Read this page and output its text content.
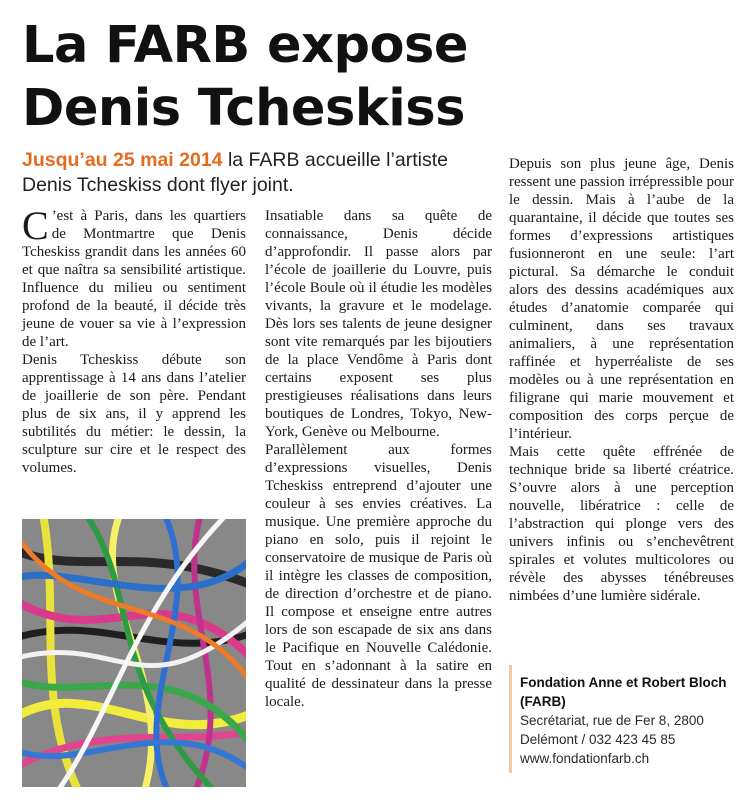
La FARB expose
Denis Tcheskiss

Jusqu’au 25 mai 2014 la FARB accueille l’artiste Denis Tcheskiss dont flyer joint.

C ’est à Paris, dans les quartiers de Montmartre que Denis Tcheskiss grandit dans les années 60 et que naîtra sa sensibilité artistique. Influence du milieu ou sentiment profond de la beauté, il décide très jeune de vouer sa vie à l’expression de l’art.

Denis Tcheskiss débute son apprentissage à 14 ans dans l’atelier de joaillerie de son père. Pendant plus de six ans, il y apprend les subtilités du métier: le dessin, la sculpture sur cire et le respect des volumes.

Insatiable dans sa quête de connaissance, Denis décide d’approfondir. Il passe alors par l’école de joaillerie du Louvre, puis l’école Boule où il étudie les modèles vivants, la gravure et le modelage. Dès lors ses talents de jeune designer sont vite remarqués par les bijoutiers de la place Vendôme à Paris dont certains exposent ses plus prestigieuses réalisations dans leurs boutiques de Londres, Tokyo, New-York, Genève ou Melbourne.

Parallèlement aux formes d’expressions visuelles, Denis Tcheskiss entreprend d’ajouter une couleur à ses envies créatives. La musique. Une première approche du piano en solo, puis il rejoint le conservatoire de musique de Paris où il intègre les classes de composition, de direction d’orchestre et de piano. Il compose et enseigne entre autres lors de son escapade de six ans dans le Pacifique en Nouvelle Calédonie. Tout en s’adonnant à la satire en qualité de dessinateur dans la presse locale.

Depuis son plus jeune âge, Denis ressent une passion irrépressible pour le dessin. Mais à l’aube de la quarantaine, il décide que toutes ses formes d’expressions artistiques fusionneront en une seule: l’art pictural. Sa démarche le conduit alors des dessins académiques aux études d’anatomie comparée qui culminent, dans ses travaux animaliers, à une représentation raffinée et hyperréaliste de ses modèles ou à une représentation en filigrane qui marie mouvement et composition des corps perçue de l’intérieur.

Mais cette quête effrénée de technique bride sa liberté créatrice. S’ouvre alors à une perception nouvelle, libératrice : celle de l’abstraction qui plonge vers des univers infinis ou s’enchevêtrent spirales et volutes multicolores ou révèle des abysses ténébreuses nimbées d’une lumière sidérale.

Fondation Anne et Robert Bloch (FARB)
Secrétariat, rue de Fer 8, 2800
Delémont / 032 423 45 85
www.fondationfarb.ch
